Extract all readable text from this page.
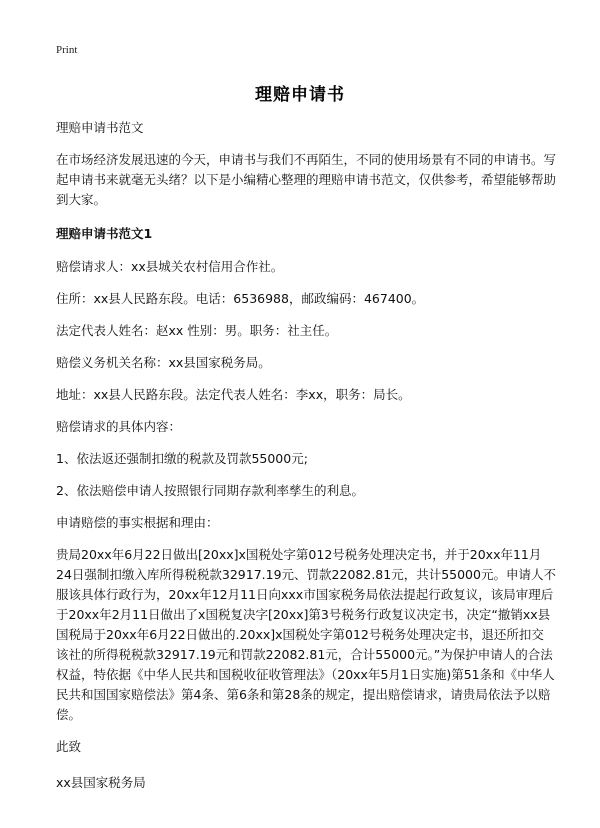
Print
理赔申请书

理赔申请书范文

在市场经济发展迅速的今天，申请书与我们不再陌生，不同的使用场景有不同的申请书。写起申请书来就毫无头绪？以下是小编精心整理的理赔申请书范文，仅供参考，希望能够帮助到大家。

理赔申请书范文1

赔偿请求人：xx县城关农村信用合作社。

住所：xx县人民路东段。电话：6536988，邮政编码：467400。

法定代表人姓名：赵xx 性别：男。职务：社主任。

赔偿义务机关名称：xx县国家税务局。

地址：xx县人民路东段。法定代表人姓名：李xx，职务：局长。

赔偿请求的具体内容：

1、依法返还强制扣缴的税款及罚款55000元;

2、依法赔偿申请人按照银行同期存款利率孳生的利息。

申请赔偿的事实根据和理由：

贵局20xx年6月22日做出[20xx]x国税处字第012号税务处理决定书，并于20xx年11月24日强制扣缴入库所得税税款32917.19元、罚款22082.81元，共计55000元。申请人不服该具体行政行为，20xx年12月11日向xxx市国家税务局依法提起行政复议，该局审理后于20xx年2月11日做出了x国税复决字[20xx]第3号税务行政复议决定书，决定“撤销xx县国税局于20xx年6月22日做出的.20xx]x国税处字第012号税务处理决定书，退还所扣交该社的所得税税款32917.19元和罚款22082.81元，合计55000元。”为保护申请人的合法权益，特依据《中华人民共和国税收征收管理法》（20xx年5月1日实施)第51条和《中华人民共和国国家赔偿法》第4条、第6条和第28条的规定，提出赔偿请求，请贵局依法予以赔偿。

此致

xx县国家税务局
